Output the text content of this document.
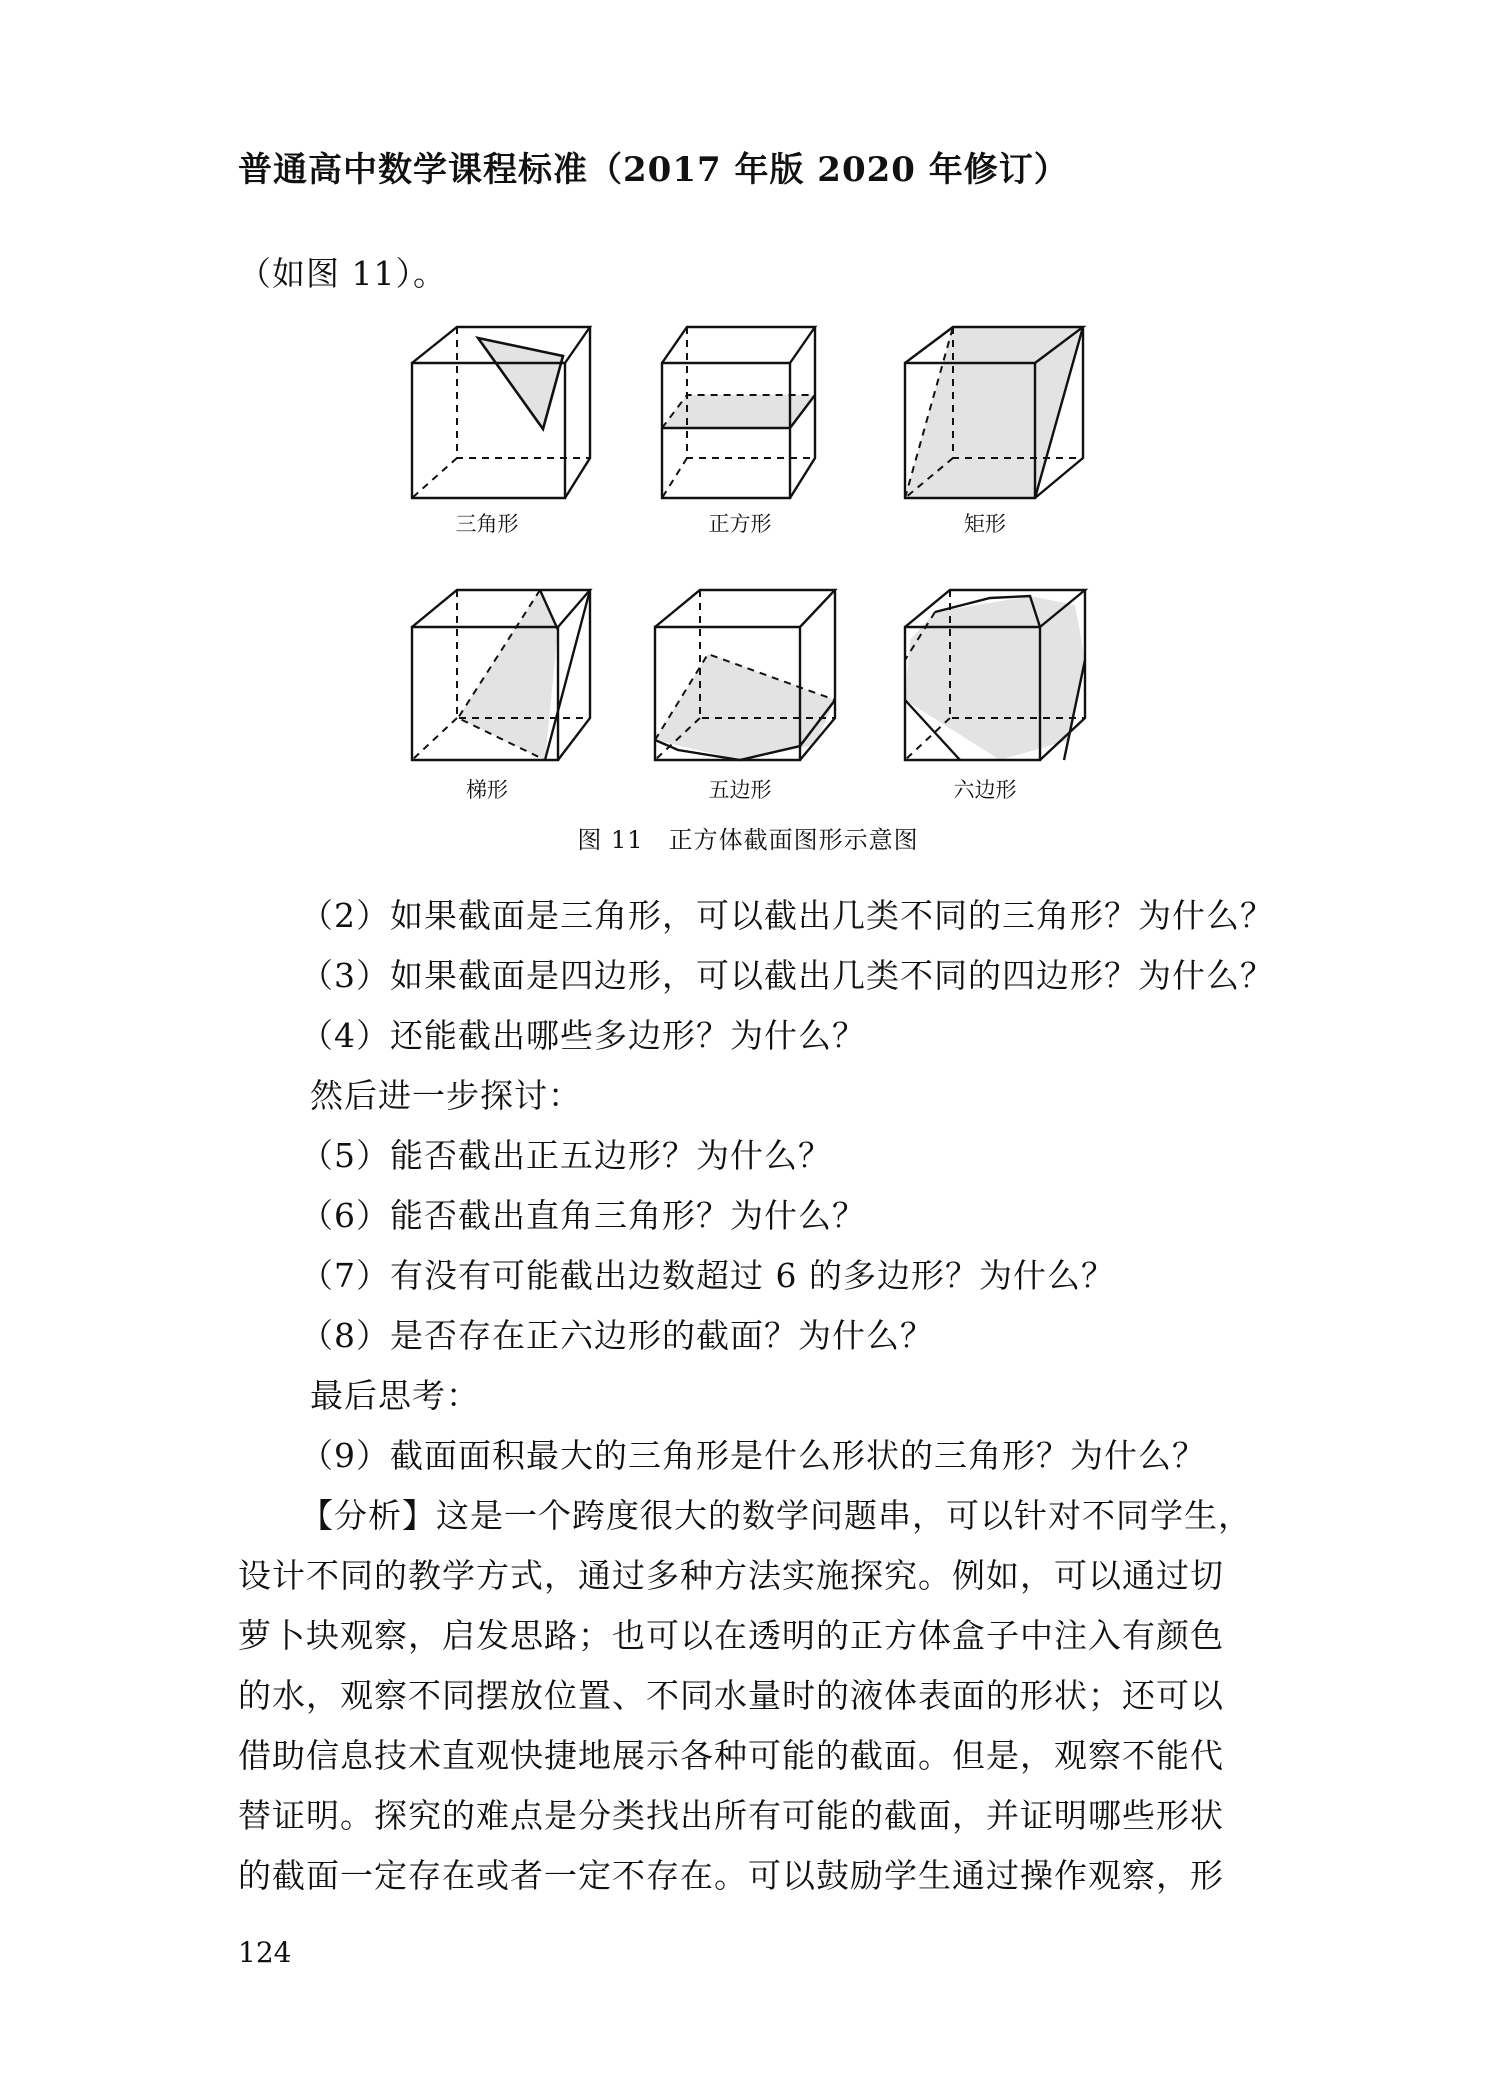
普通高中数学课程标准（2017 年版 2020 年修订）
（如图 11）。
三角形	正方形	矩形
梯形	五边形	六边形
图 11　正方体截面图形示意图
（2）如果截面是三角形，可以截出几类不同的三角形？为什么？
（3）如果截面是四边形，可以截出几类不同的四边形？为什么？
（4）还能截出哪些多边形？为什么？
然后进一步探讨：
（5）能否截出正五边形？为什么？
（6）能否截出直角三角形？为什么？
（7）有没有可能截出边数超过 6 的多边形？为什么？
（8）是否存在正六边形的截面？为什么？
最后思考：
（9）截面面积最大的三角形是什么形状的三角形？为什么？
【分析】这是一个跨度很大的数学问题串，可以针对不同学生，
设计不同的教学方式，通过多种方法实施探究。例如，可以通过切
萝卜块观察，启发思路；也可以在透明的正方体盒子中注入有颜色
的水，观察不同摆放位置、不同水量时的液体表面的形状；还可以
借助信息技术直观快捷地展示各种可能的截面。但是，观察不能代
替证明。探究的难点是分类找出所有可能的截面，并证明哪些形状
的截面一定存在或者一定不存在。可以鼓励学生通过操作观察，形
124
